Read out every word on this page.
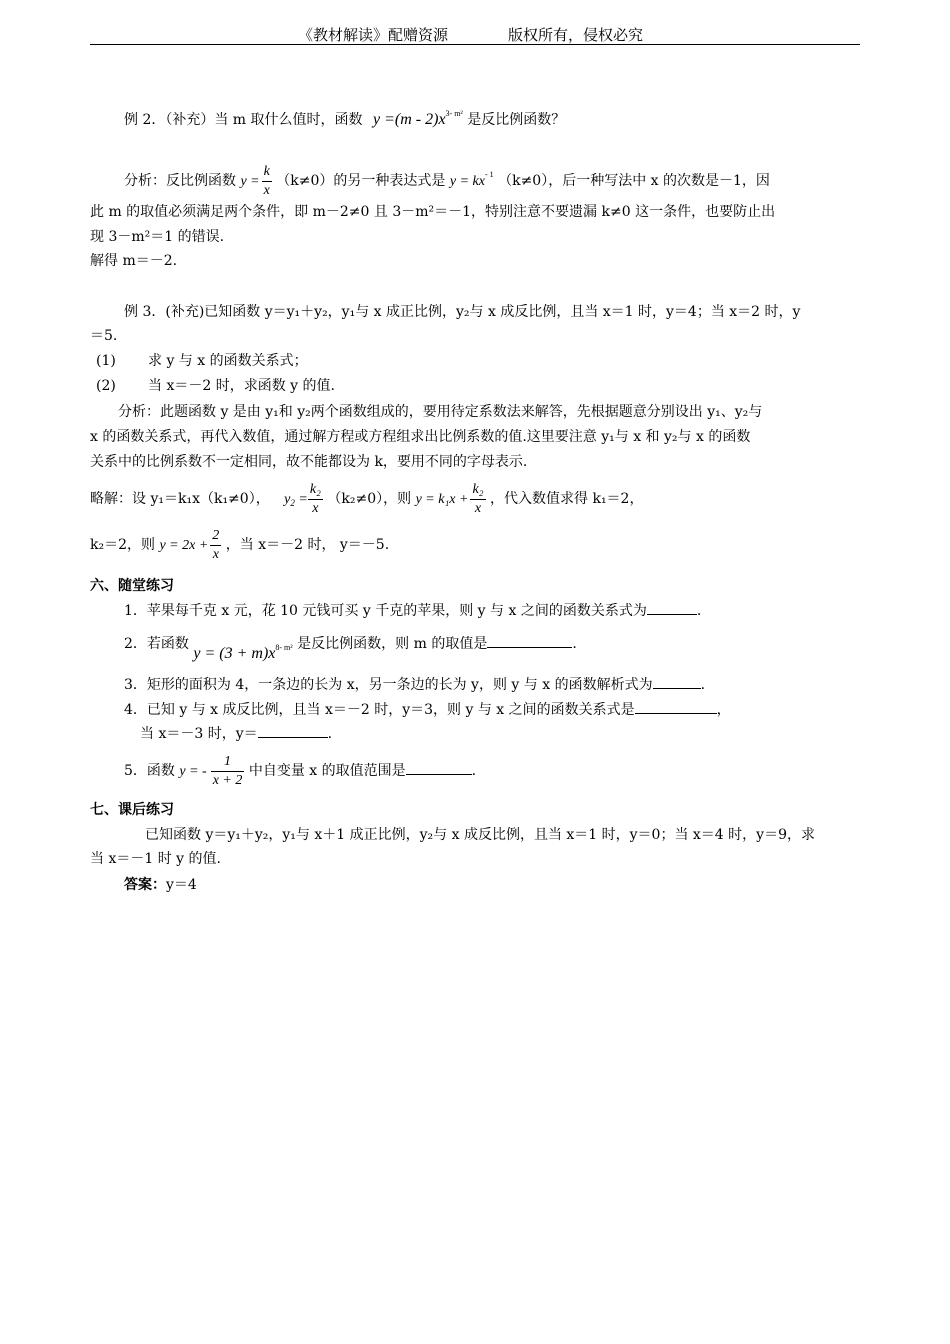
《教材解读》配赠资源	版权所有，侵权必究
例 2．（补充）当 m 取什么值时，函数 $y =(m - 2)x^{3- m^2}$ 是反比例函数？
分析：反比例函数 $y = \frac{k}{x} (k\ne 0)$的另一种表达式是 $y = kx^{- 1}$ （k≠0），后一种写法中 x 的次数是－1，因
此 m 的取值必须满足两个条件，即 m－2≠0 且 3－m²＝－1，特别注意不要遗漏 k≠0 这一条件，也要防止出
现 3－m²＝1 的错误.
解得 m＝－2.
例 3．(补充)已知函数 y＝y₁＋y₂，y₁与 x 成正比例，y₂与 x 成反比例，且当 x＝1 时，y＝4；当 x＝2 时，y
＝5.
(1) 求 y 与 x 的函数关系式；
(2) 当 x＝－2 时，求函数 y 的值.
分析：此题函数 y 是由 y₁和 y₂两个函数组成的，要用待定系数法来解答，先根据题意分别设出 y₁、y₂与
x 的函数关系式，再代入数值，通过解方程或方程组求出比例系数的值.这里要注意 y₁与 x 和 y₂与 x 的函数
关系中的比例系数不一定相同，故不能都设为 k，要用不同的字母表示.
略解：设 y₁＝k₁x（k₁≠0）， $y_2 = \frac{\text{k₂}}{x} (k_2\ne 0)$，则 $y = k_1x + \frac{\text{k₂}}{x}$ ，代入数值求得 k₁＝2，
k₂＝2，则 $y = 2x + \frac{2}{x}$ ，当 x＝－2 时， y＝－5.
六、随堂练习
1．苹果每千克 x 元，花 10 元钱可买 y 千克的苹果，则 y 与 x 之间的函数关系式为	.
2．若函数 $y = (3 + m)x^{8- m^2}$ 是反比例函数，则 m 的取值是	.
3．矩形的面积为 4，一条边的长为 x，另一条边的长为 y，则 y 与 x 的函数解析式为	.
4．已知 y 与 x 成反比例，且当 x＝－2 时，y＝3，则 y 与 x 之间的函数关系式是	，
当 x＝－3 时，y＝	.
5．函数 y = - $\frac{1}{x + 2}$ 中自变量 x 的取值范围是	.
七、课后练习
已知函数 y＝y₁＋y₂，y₁与 x＋1 成正比例，y₂与 x 成反比例，且当 x＝1 时，y＝0；当 x＝4 时，y＝9，求
当 x＝－1 时 y 的值.
答案：y＝4
